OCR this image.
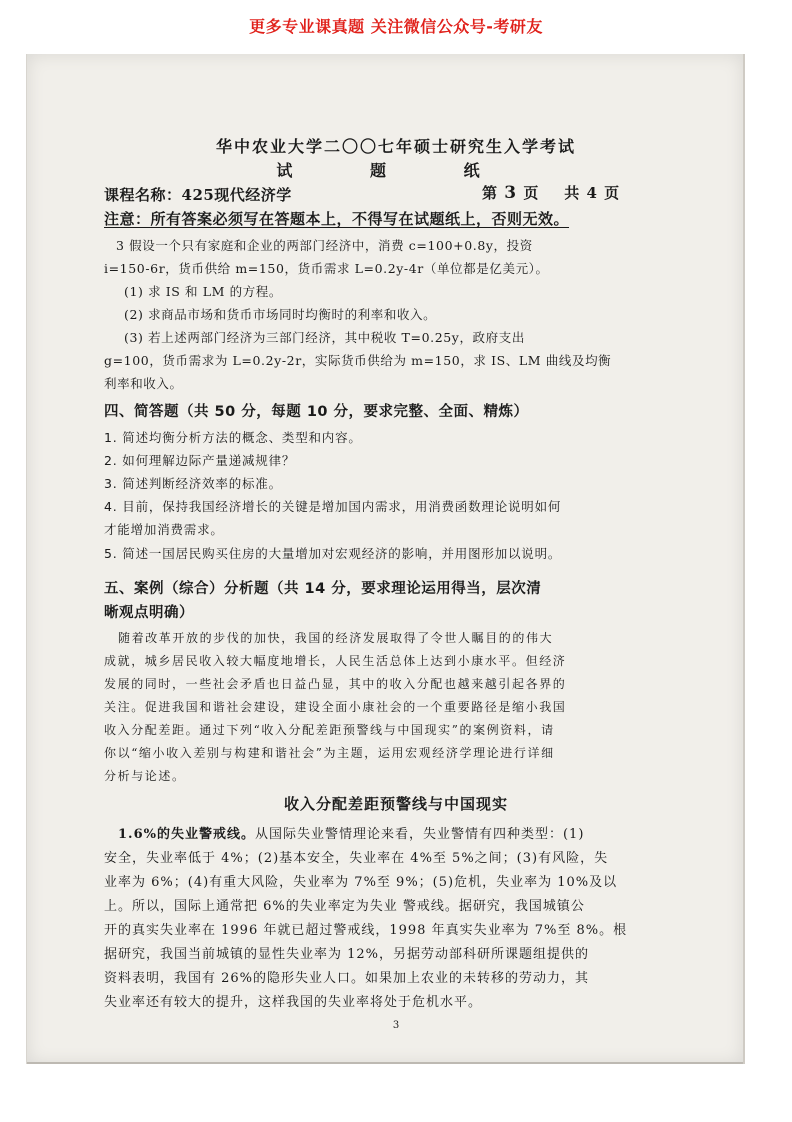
更多专业课真题 关注微信公众号-考研友
华中农业大学二〇〇七年硕士研究生入学考试
试 题 纸
课程名称：425现代经济学	第 3 页 共 4 页
注意：所有答案必须写在答题本上，不得写在试题纸上，否则无效。
3 假设一个只有家庭和企业的两部门经济中，消费 c=100+0.8y，投资
i=150-6r，货币供给 m=150，货币需求 L=0.2y-4r（单位都是亿美元）。
(1) 求 IS 和 LM 的方程。
(2) 求商品市场和货币市场同时均衡时的利率和收入。
(3) 若上述两部门经济为三部门经济，其中税收 T=0.25y，政府支出
g=100，货币需求为 L=0.2y-2r，实际货币供给为 m=150，求 IS、LM 曲线及均衡
利率和收入。
四、简答题（共 50 分，每题 10 分，要求完整、全面、精炼）
1. 简述均衡分析方法的概念、类型和内容。
2. 如何理解边际产量递减规律？
3. 简述判断经济效率的标准。
4. 目前，保持我国经济增长的关键是增加国内需求，用消费函数理论说明如何
才能增加消费需求。
5. 简述一国居民购买住房的大量增加对宏观经济的影响，并用图形加以说明。
五、案例（综合）分析题（共 14 分，要求理论运用得当，层次清
晰观点明确）
随着改革开放的步伐的加快，我国的经济发展取得了令世人瞩目的的伟大
成就，城乡居民收入较大幅度地增长，人民生活总体上达到小康水平。但经济
发展的同时，一些社会矛盾也日益凸显，其中的收入分配也越来越引起各界的
关注。促进我国和谐社会建设，建设全面小康社会的一个重要路径是缩小我国
收入分配差距。通过下列“收入分配差距预警线与中国现实”的案例资料，请
你以“缩小收入差别与构建和谐社会”为主题，运用宏观经济学理论进行详细
分析与论述。
收入分配差距预警线与中国现实
1.6%的失业警戒线。从国际失业警情理论来看，失业警情有四种类型：(1)
安全，失业率低于 4%；(2)基本安全，失业率在 4%至 5%之间；(3)有风险，失
业率为 6%；(4)有重大风险，失业率为 7%至 9%；(5)危机，失业率为 10%及以
上。所以，国际上通常把 6%的失业率定为失业 警戒线。据研究，我国城镇公
开的真实失业率在 1996 年就已超过警戒线，1998 年真实失业率为 7%至 8%。根
据研究，我国当前城镇的显性失业率为 12%，另据劳动部科研所课题组提供的
资料表明，我国有 26%的隐形失业人口。如果加上农业的未转移的劳动力，其
失业率还有较大的提升，这样我国的失业率将处于危机水平。
3
